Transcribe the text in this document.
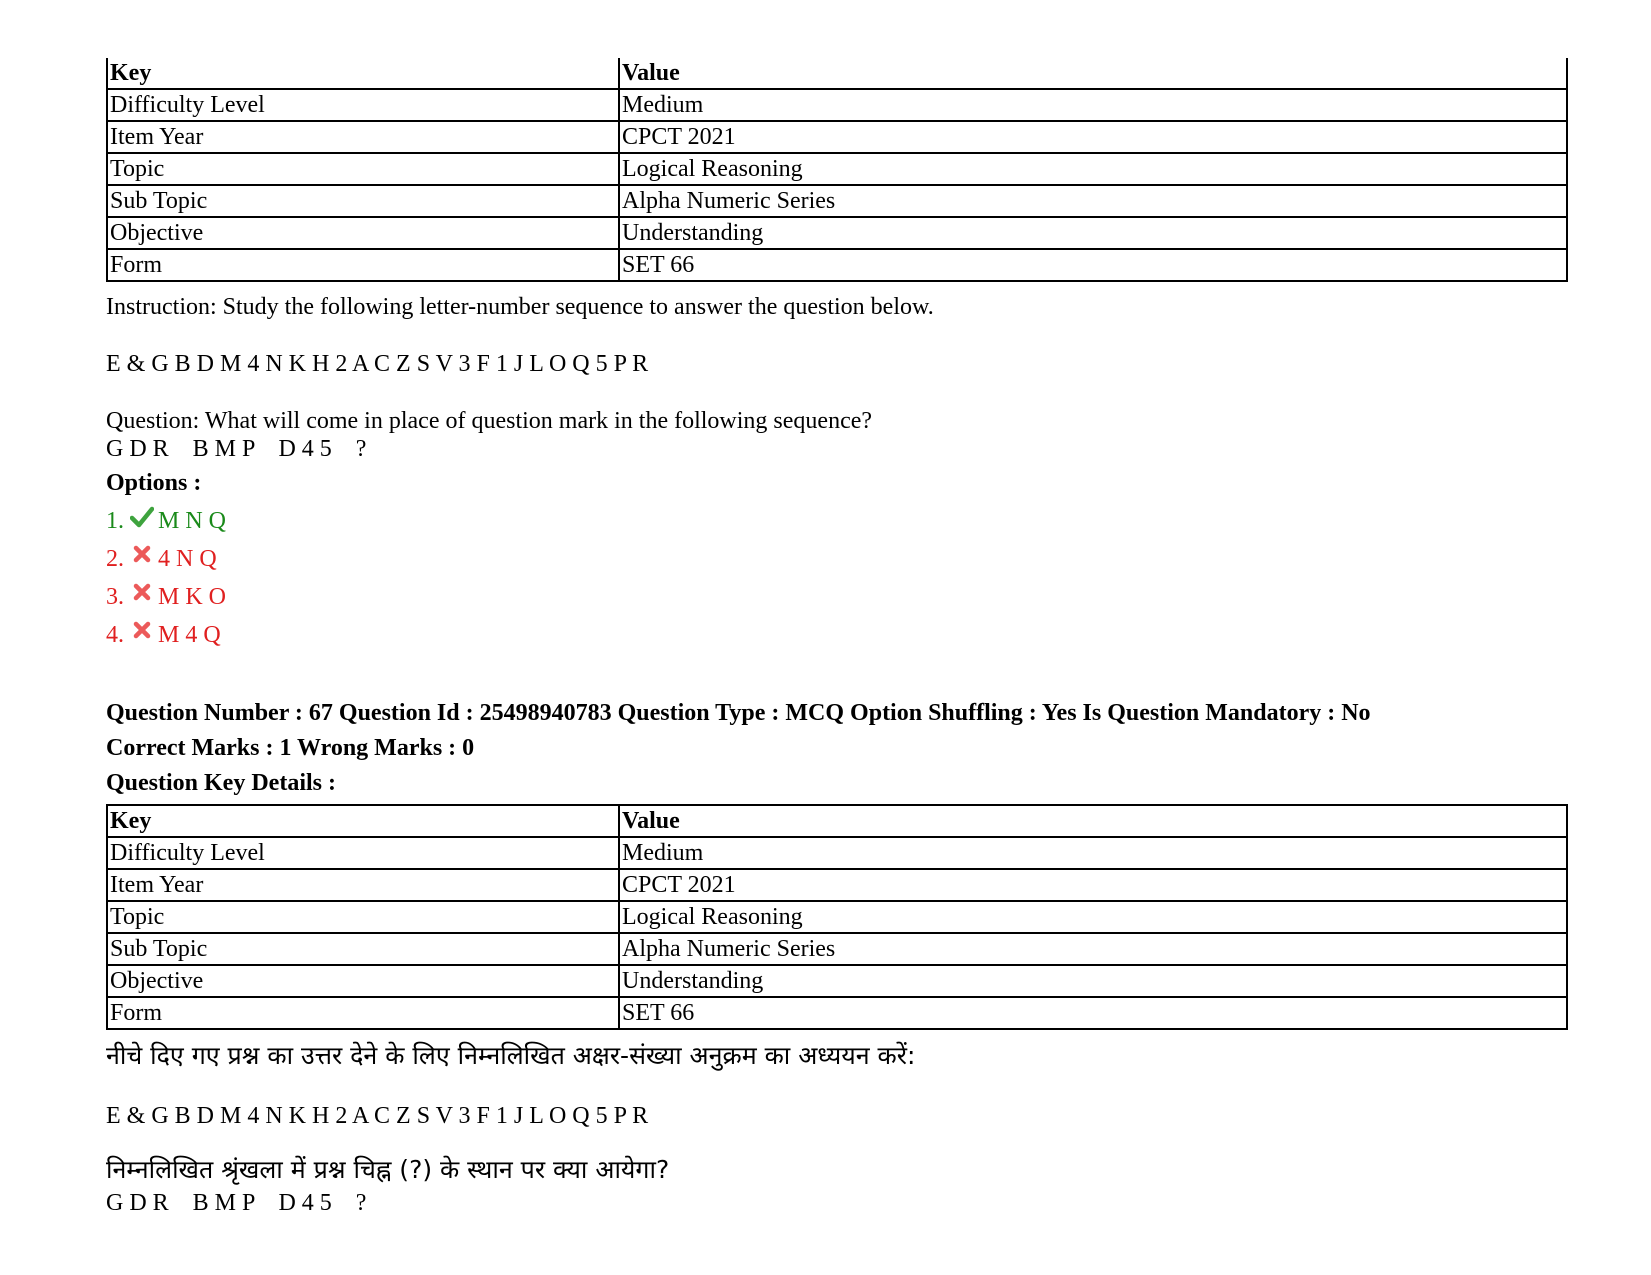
Key	Value
Difficulty Level	Medium
Item Year	CPCT 2021
Topic	Logical Reasoning
Sub Topic	Alpha Numeric Series
Objective	Understanding
Form	SET 66
Instruction: Study the following letter-number sequence to answer the question below.
E & G B D M 4 N K H 2 A C Z S V 3 F 1 J L O Q 5 P R
Question: What will come in place of question mark in the following sequence?
G D R    B M P    D 4 5    ?
Options :
1. M N Q
2. 4 N Q
3. M K O
4. M 4 Q
Question Number : 67 Question Id : 25498940783 Question Type : MCQ Option Shuffling : Yes Is Question Mandatory : No
Correct Marks : 1 Wrong Marks : 0
Question Key Details :
Key	Value
Difficulty Level	Medium
Item Year	CPCT 2021
Topic	Logical Reasoning
Sub Topic	Alpha Numeric Series
Objective	Understanding
Form	SET 66
नीचे दिए गए प्रश्न का उत्तर देने के लिए निम्नलिखित अक्षर-संख्या अनुक्रम का अध्ययन करें:
E & G B D M 4 N K H 2 A C Z S V 3 F 1 J L O Q 5 P R
निम्नलिखित श्रृंखला में प्रश्न चिह्न (?) के स्थान पर क्या आयेगा?
G D R    B M P    D 4 5    ?
